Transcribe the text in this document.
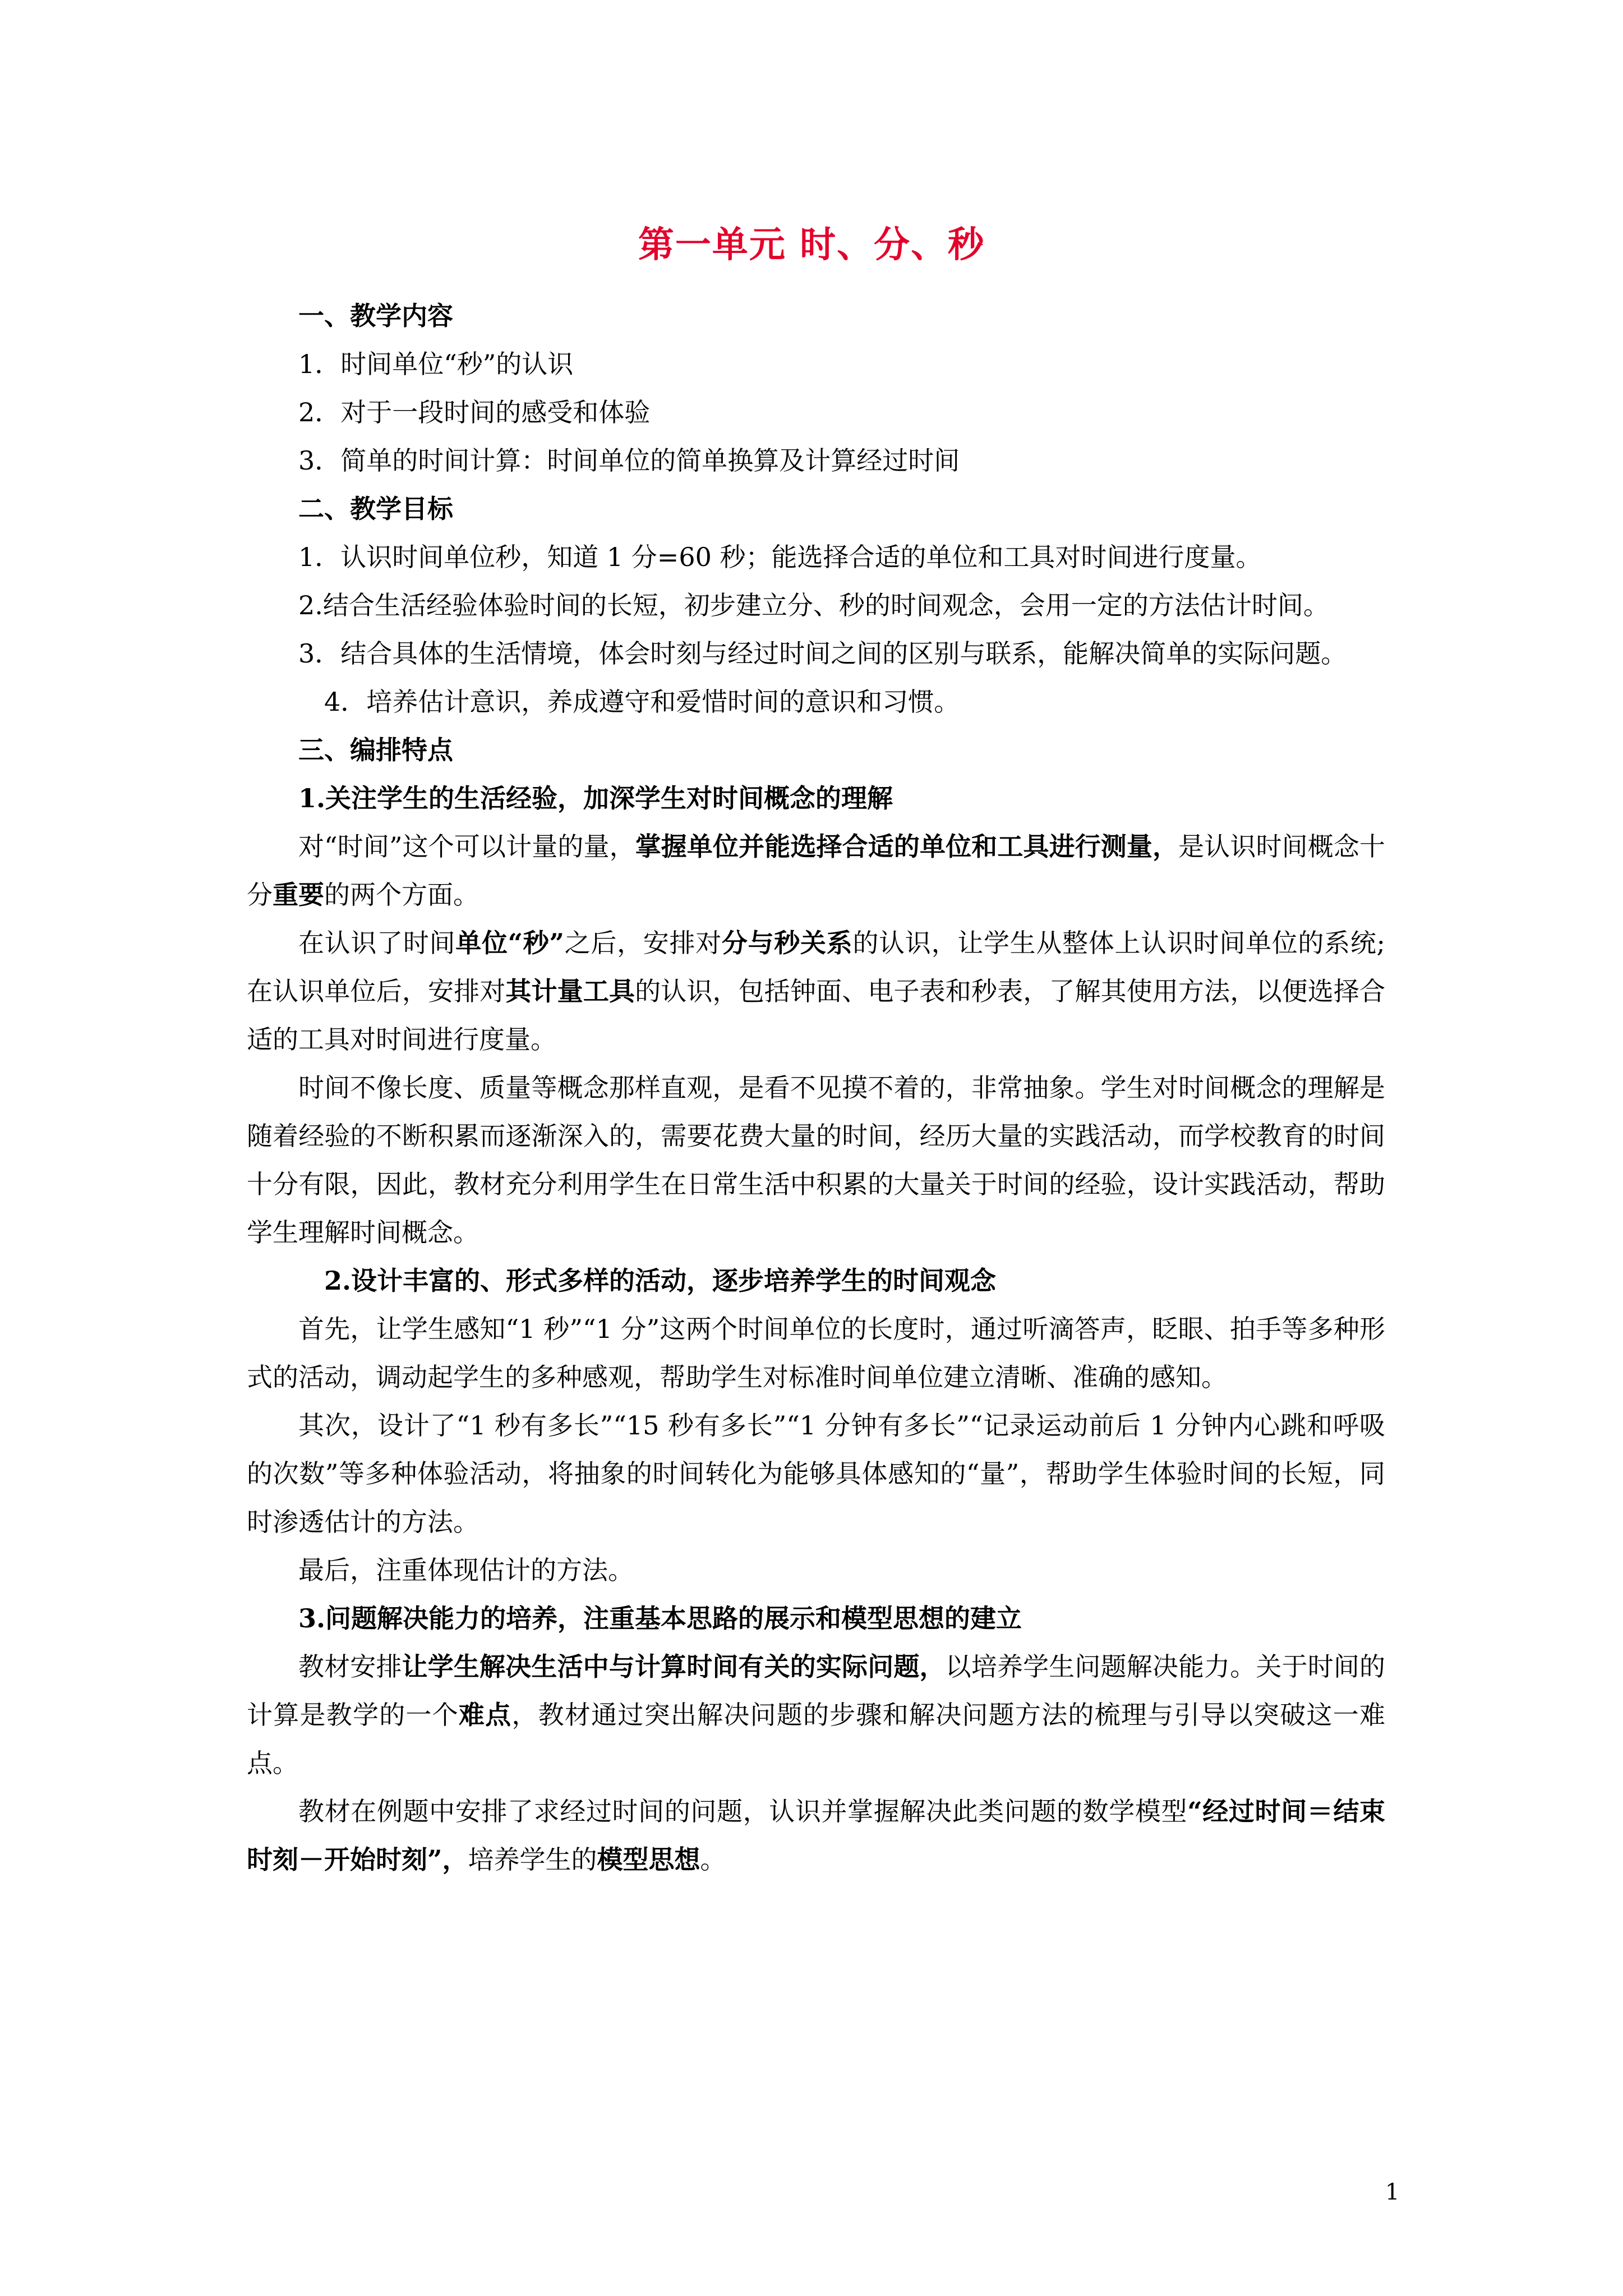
第一单元 时、分、秒

一、教学内容

1．时间单位“秒”的认识

2．对于一段时间的感受和体验

3．简单的时间计算：时间单位的简单换算及计算经过时间

二、教学目标

1．认识时间单位秒，知道 1 分=60 秒；能选择合适的单位和工具对时间进行度量。

2.结合生活经验体验时间的长短，初步建立分、秒的时间观念，会用一定的方法估计时间。

3．结合具体的生活情境，体会时刻与经过时间之间的区别与联系，能解决简单的实际问题。

4．培养估计意识，养成遵守和爱惜时间的意识和习惯。

三、编排特点

1.关注学生的生活经验，加深学生对时间概念的理解

对“时间”这个可以计量的量，掌握单位并能选择合适的单位和工具进行测量，是认识时间概念十分重要的两个方面。

在认识了时间单位“秒”之后，安排对分与秒关系的认识，让学生从整体上认识时间单位的系统; 在认识单位后，安排对其计量工具的认识，包括钟面、电子表和秒表，了解其使用方法，以便选择合适的工具对时间进行度量。

时间不像长度、质量等概念那样直观，是看不见摸不着的，非常抽象。学生对时间概念的理解是随着经验的不断积累而逐渐深入的，需要花费大量的时间，经历大量的实践活动，而学校教育的时间十分有限，因此，教材充分利用学生在日常生活中积累的大量关于时间的经验，设计实践活动，帮助学生理解时间概念。

2.设计丰富的、形式多样的活动，逐步培养学生的时间观念

首先，让学生感知“1 秒”“1 分”这两个时间单位的长度时，通过听滴答声，眨眼、拍手等多种形式的活动，调动起学生的多种感观，帮助学生对标准时间单位建立清晰、准确的感知。

其次，设计了“1 秒有多长”“15 秒有多长”“1 分钟有多长”“记录运动前后 1 分钟内心跳和呼吸的次数”等多种体验活动，将抽象的时间转化为能够具体感知的“量”，帮助学生体验时间的长短，同时渗透估计的方法。

最后，注重体现估计的方法。

3.问题解决能力的培养，注重基本思路的展示和模型思想的建立

教材安排让学生解决生活中与计算时间有关的实际问题，以培养学生问题解决能力。关于时间的计算是教学的一个难点，教材通过突出解决问题的步骤和解决问题方法的梳理与引导以突破这一难点。

教材在例题中安排了求经过时间的问题，认识并掌握解决此类问题的数学模型“经过时间＝结束时刻－开始时刻”，培养学生的模型思想。

1
